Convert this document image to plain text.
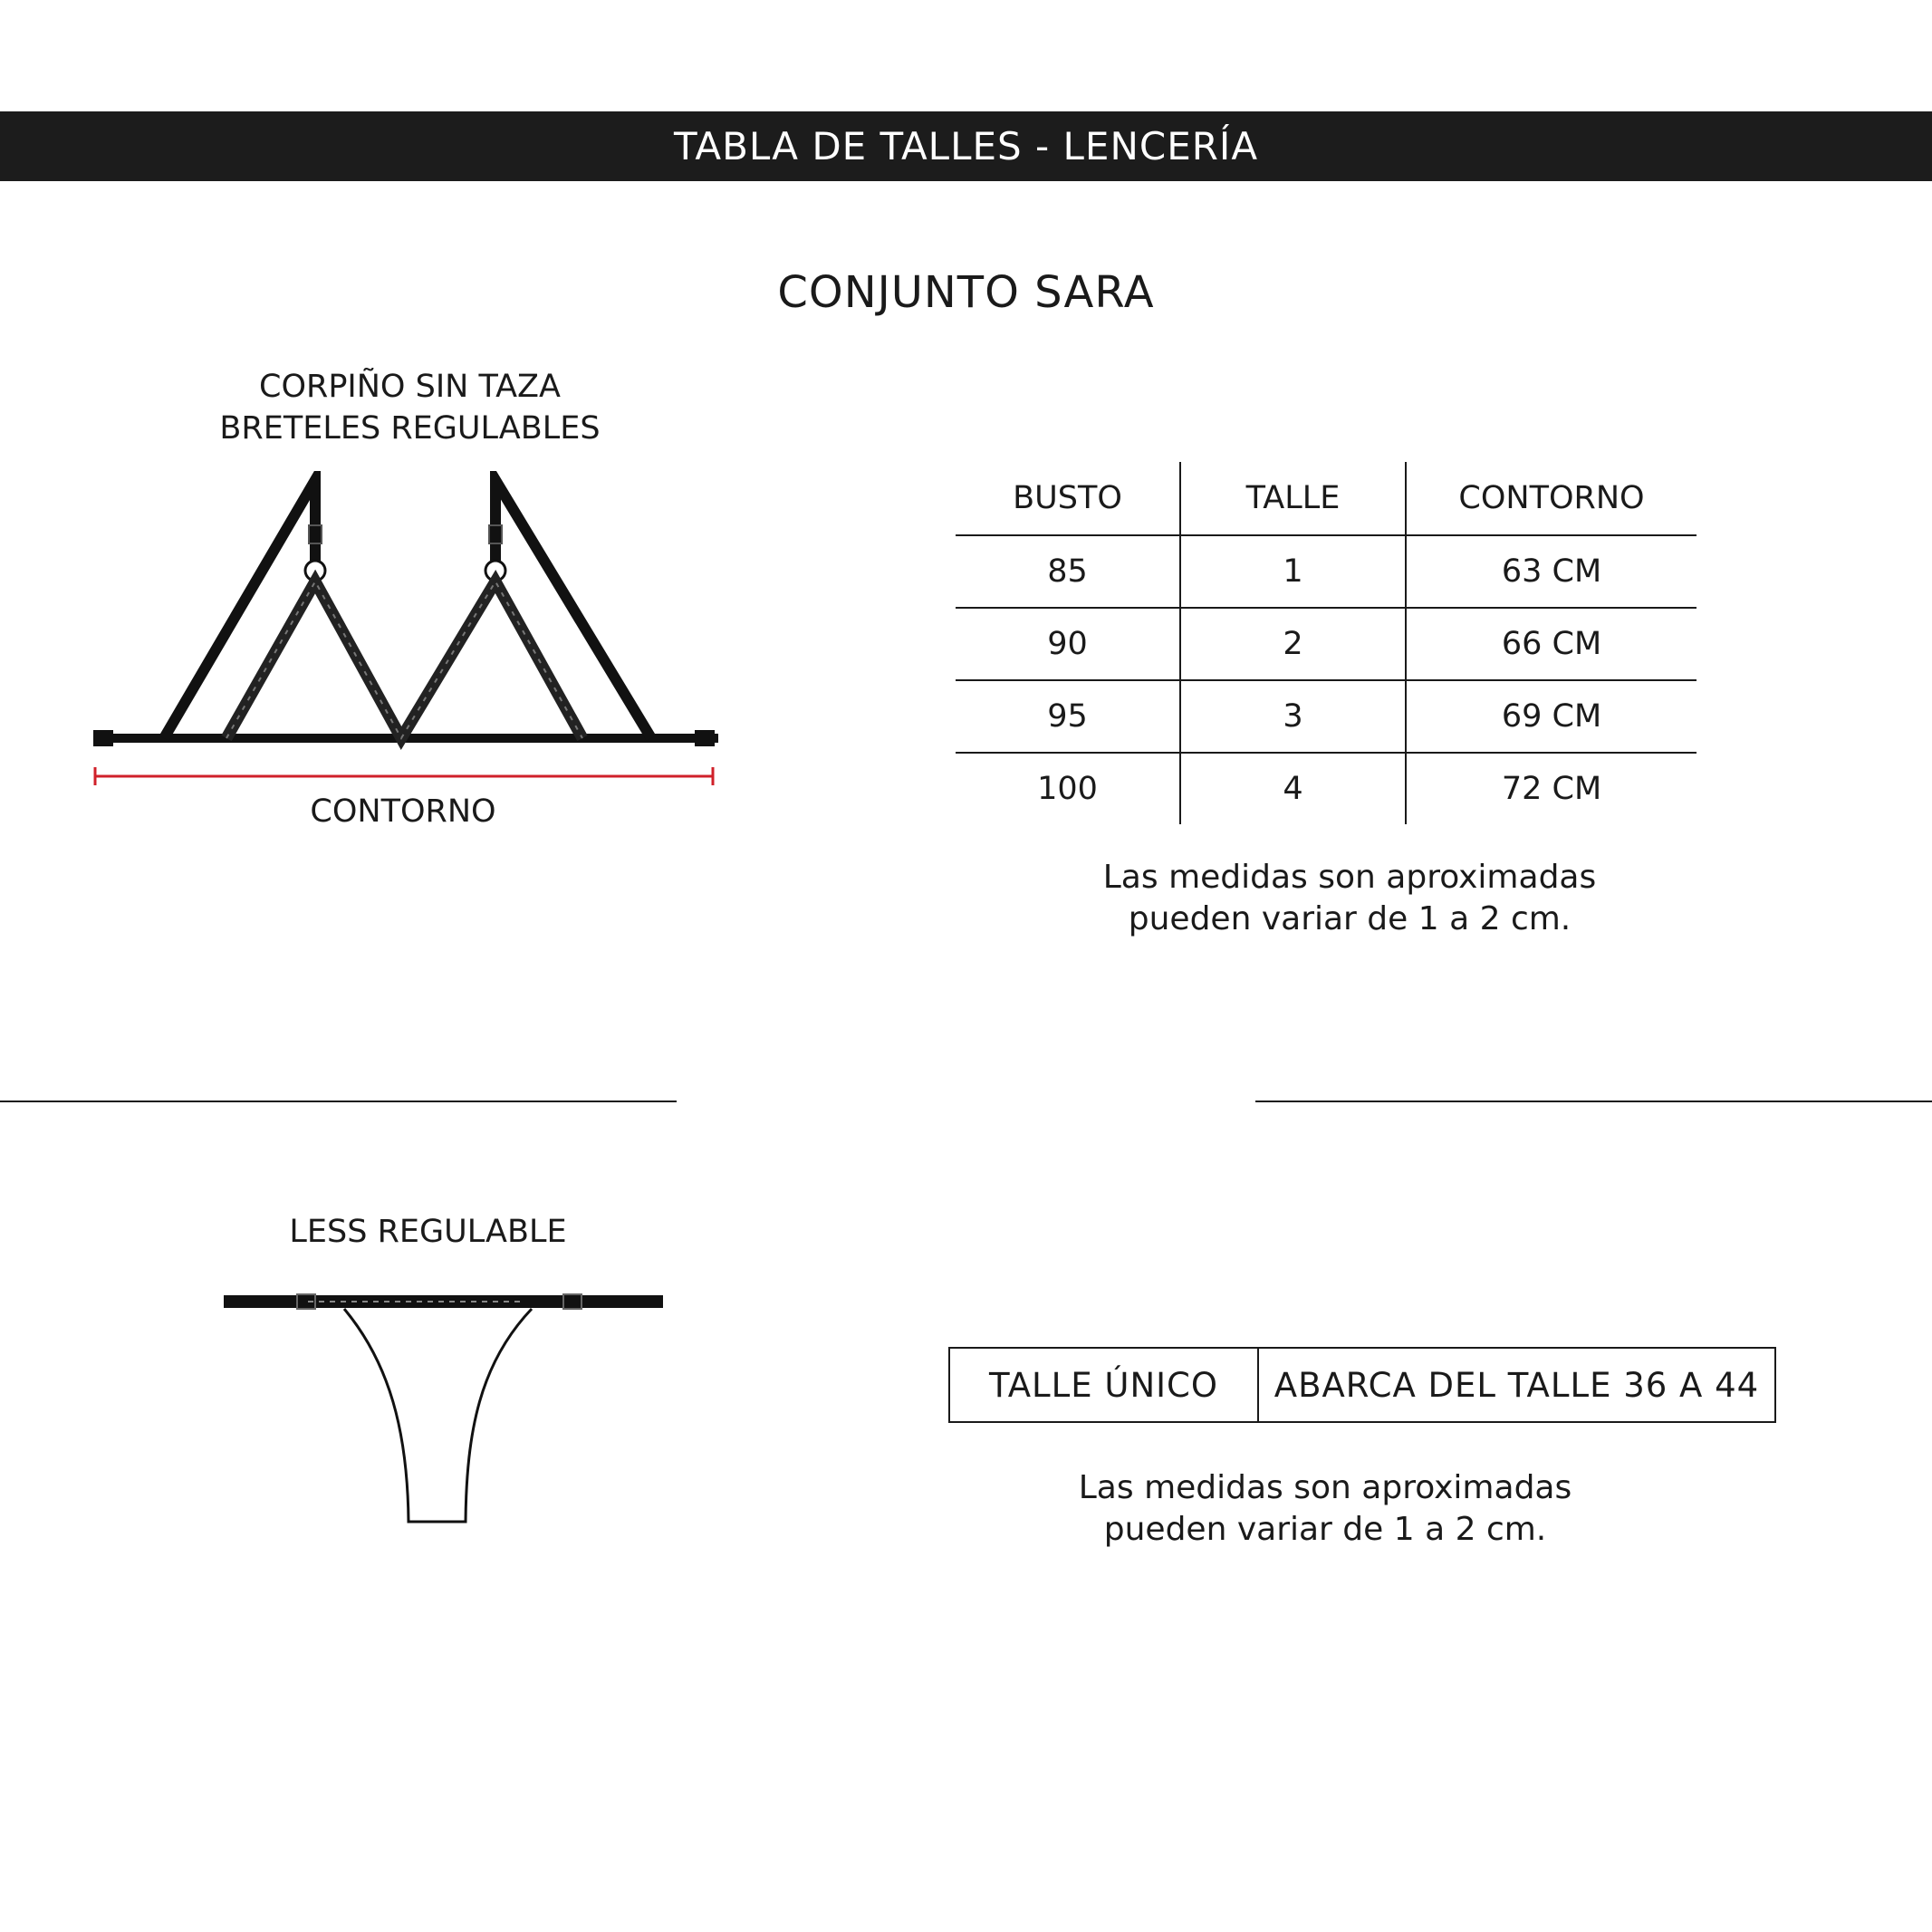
TABLA DE TALLES - LENCERÍA
CONJUNTO SARA
CORPIÑO SIN TAZA
BRETELES REGULABLES
CONTORNO
BUSTO	TALLE	CONTORNO
85	1	63 CM
90	2	66 CM
95	3	69 CM
100	4	72 CM
Las medidas son aproximadas
pueden variar de 1 a 2 cm.
LESS REGULABLE
TALLE ÚNICO	ABARCA DEL TALLE 36 A 44
Las medidas son aproximadas
pueden variar de 1 a 2 cm.
